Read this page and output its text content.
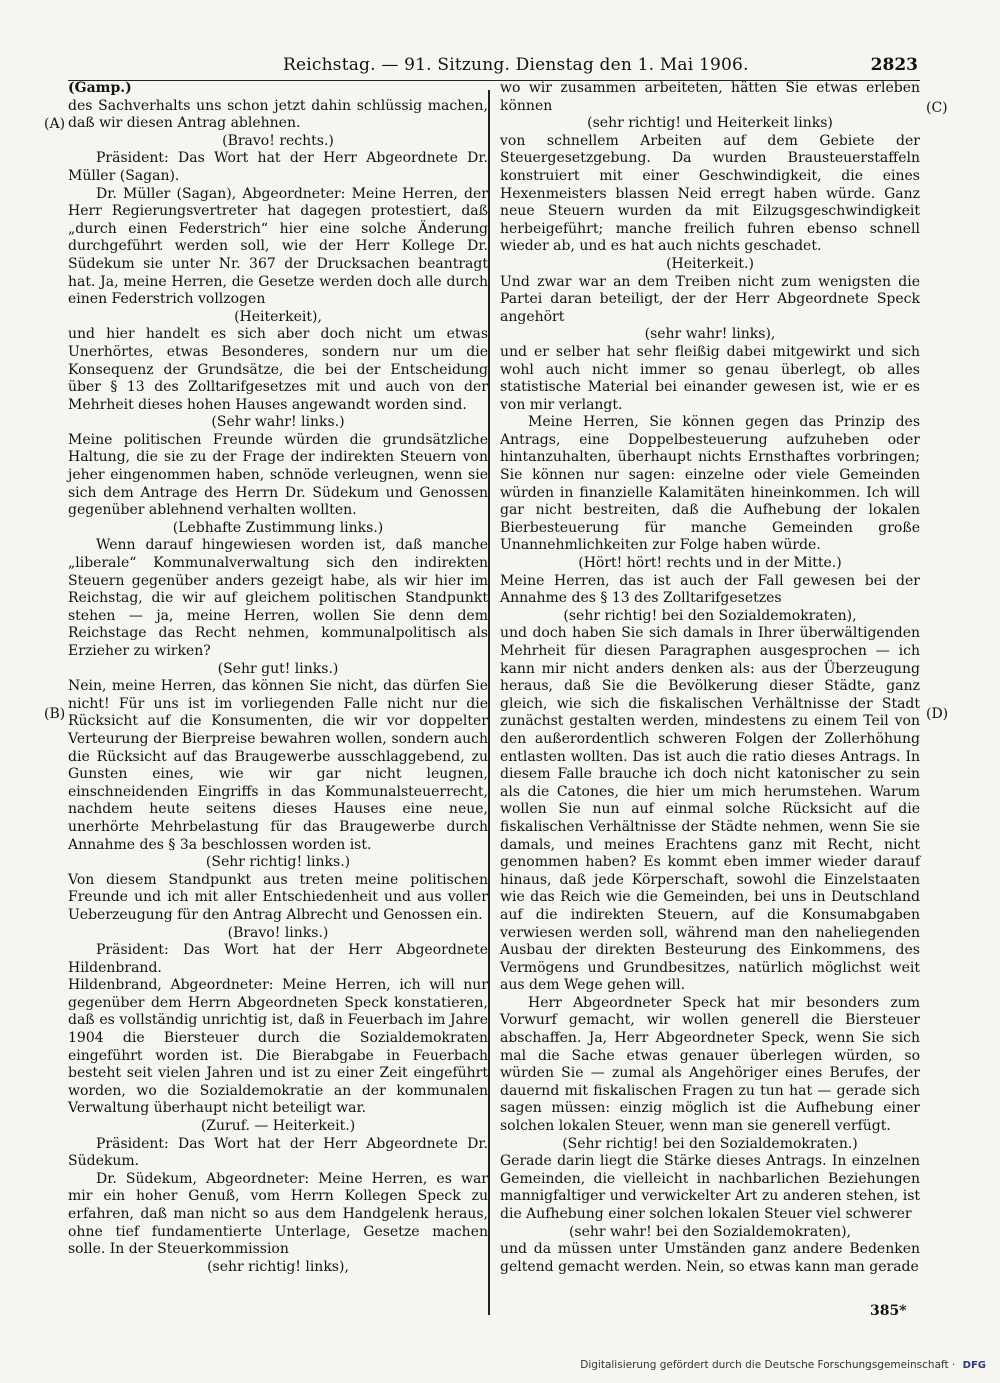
Reichstag. — 91. Sitzung. Dienstag den 1. Mai 1906.	2823
(A)
(B)
(C)
(D)

(Gamp.)

des Sachverhalts uns schon jetzt dahin schlüssig machen, daß wir diesen Antrag ablehnen.

(Bravo! rechts.)

Präsident: Das Wort hat der Herr Abgeordnete Dr. Müller (Sagan).

Dr. Müller (Sagan), Abgeordneter: Meine Herren, der Herr Regierungsvertreter hat dagegen protestiert, daß „durch einen Federstrich“ hier eine solche Änderung durchgeführt werden soll, wie der Herr Kollege Dr. Südekum sie unter Nr. 367 der Drucksachen beantragt hat. Ja, meine Herren, die Gesetze werden doch alle durch einen Federstrich vollzogen

(Heiterkeit),

und hier handelt es sich aber doch nicht um etwas Unerhörtes, etwas Besonderes, sondern nur um die Konsequenz der Grundsätze, die bei der Entscheidung über § 13 des Zolltarifgesetzes mit und auch von der Mehrheit dieses hohen Hauses angewandt worden sind.

(Sehr wahr! links.)

Meine politischen Freunde würden die grundsätzliche Haltung, die sie zu der Frage der indirekten Steuern von jeher eingenommen haben, schnöde verleugnen, wenn sie sich dem Antrage des Herrn Dr. Südekum und Genossen gegenüber ablehnend verhalten wollten.

(Lebhafte Zustimmung links.)

Wenn darauf hingewiesen worden ist, daß manche „liberale“ Kommunalverwaltung sich den indirekten Steuern gegenüber anders gezeigt habe, als wir hier im Reichstag, die wir auf gleichem politischen Standpunkt stehen — ja, meine Herren, wollen Sie denn dem Reichstage das Recht nehmen, kommunalpolitisch als Erzieher zu wirken?

(Sehr gut! links.)

Nein, meine Herren, das können Sie nicht, das dürfen Sie nicht! Für uns ist im vorliegenden Falle nicht nur die Rücksicht auf die Konsumenten, die wir vor doppelter Verteurung der Bierpreise bewahren wollen, sondern auch die Rücksicht auf das Braugewerbe ausschlaggebend, zu Gunsten eines, wie wir gar nicht leugnen, einschneidenden Eingriffs in das Kommunalsteuerrecht, nachdem heute seitens dieses Hauses eine neue, unerhörte Mehrbelastung für das Braugewerbe durch Annahme des § 3a beschlossen worden ist.

(Sehr richtig! links.)

Von diesem Standpunkt aus treten meine politischen Freunde und ich mit aller Entschiedenheit und aus voller Ueberzeugung für den Antrag Albrecht und Genossen ein.

(Bravo! links.)

Präsident: Das Wort hat der Herr Abgeordnete Hildenbrand.

Hildenbrand, Abgeordneter: Meine Herren, ich will nur gegenüber dem Herrn Abgeordneten Speck konstatieren, daß es vollständig unrichtig ist, daß in Feuerbach im Jahre 1904 die Biersteuer durch die Sozialdemokraten eingeführt worden ist. Die Bierabgabe in Feuerbach besteht seit vielen Jahren und ist zu einer Zeit eingeführt worden, wo die Sozialdemokratie an der kommunalen Verwaltung überhaupt nicht beteiligt war.

(Zuruf. — Heiterkeit.)

Präsident: Das Wort hat der Herr Abgeordnete Dr. Südekum.

Dr. Südekum, Abgeordneter: Meine Herren, es war mir ein hoher Genuß, vom Herrn Kollegen Speck zu erfahren, daß man nicht so aus dem Handgelenk heraus, ohne tief fundamentierte Unterlage, Gesetze machen solle. In der Steuerkommission

(sehr richtig! links),

wo wir zusammen arbeiteten, hätten Sie etwas erleben können

(sehr richtig! und Heiterkeit links)

von schnellem Arbeiten auf dem Gebiete der Steuergesetzgebung. Da wurden Brausteuerstaffeln konstruiert mit einer Geschwindigkeit, die eines Hexenmeisters blassen Neid erregt haben würde. Ganz neue Steuern wurden da mit Eilzugsgeschwindigkeit herbeigeführt; manche freilich fuhren ebenso schnell wieder ab, und es hat auch nichts geschadet.

(Heiterkeit.)

Und zwar war an dem Treiben nicht zum wenigsten die Partei daran beteiligt, der der Herr Abgeordnete Speck angehört

(sehr wahr! links),

und er selber hat sehr fleißig dabei mitgewirkt und sich wohl auch nicht immer so genau überlegt, ob alles statistische Material bei einander gewesen ist, wie er es von mir verlangt.

Meine Herren, Sie können gegen das Prinzip des Antrags, eine Doppelbesteuerung aufzuheben oder hintanzuhalten, überhaupt nichts Ernsthaftes vorbringen; Sie können nur sagen: einzelne oder viele Gemeinden würden in finanzielle Kalamitäten hineinkommen. Ich will gar nicht bestreiten, daß die Aufhebung der lokalen Bierbesteuerung für manche Gemeinden große Unannehmlichkeiten zur Folge haben würde.

(Hört! hört! rechts und in der Mitte.)

Meine Herren, das ist auch der Fall gewesen bei der Annahme des § 13 des Zolltarifgesetzes

(sehr richtig! bei den Sozialdemokraten),

und doch haben Sie sich damals in Ihrer überwältigenden Mehrheit für diesen Paragraphen ausgesprochen — ich kann mir nicht anders denken als: aus der Überzeugung heraus, daß Sie die Bevölkerung dieser Städte, ganz gleich, wie sich die fiskalischen Verhältnisse der Stadt zunächst gestalten werden, mindestens zu einem Teil von den außerordentlich schweren Folgen der Zollerhöhung entlasten wollten. Das ist auch die ratio dieses Antrags. In diesem Falle brauche ich doch nicht katonischer zu sein als die Catones, die hier um mich herumstehen. Warum wollen Sie nun auf einmal solche Rücksicht auf die fiskalischen Verhältnisse der Städte nehmen, wenn Sie sie damals, und meines Erachtens ganz mit Recht, nicht genommen haben? Es kommt eben immer wieder darauf hinaus, daß jede Körperschaft, sowohl die Einzelstaaten wie das Reich wie die Gemeinden, bei uns in Deutschland auf die indirekten Steuern, auf die Konsumabgaben verwiesen werden soll, während man den naheliegenden Ausbau der direkten Besteurung des Einkommens, des Vermögens und Grundbesitzes, natürlich möglichst weit aus dem Wege gehen will.

Herr Abgeordneter Speck hat mir besonders zum Vorwurf gemacht, wir wollen generell die Biersteuer abschaffen. Ja, Herr Abgeordneter Speck, wenn Sie sich mal die Sache etwas genauer überlegen würden, so würden Sie — zumal als Angehöriger eines Berufes, der dauernd mit fiskalischen Fragen zu tun hat — gerade sich sagen müssen: einzig möglich ist die Aufhebung einer solchen lokalen Steuer, wenn man sie generell verfügt.

(Sehr richtig! bei den Sozialdemokraten.)

Gerade darin liegt die Stärke dieses Antrags. In einzelnen Gemeinden, die vielleicht in nachbarlichen Beziehungen mannigfaltiger und verwickelter Art zu anderen stehen, ist die Aufhebung einer solchen lokalen Steuer viel schwerer

(sehr wahr! bei den Sozialdemokraten),

und da müssen unter Umständen ganz andere Bedenken geltend gemacht werden. Nein, so etwas kann man gerade

385*
Digitalisierung gefördert durch die Deutsche Forschungsgemeinschaft · DFG
